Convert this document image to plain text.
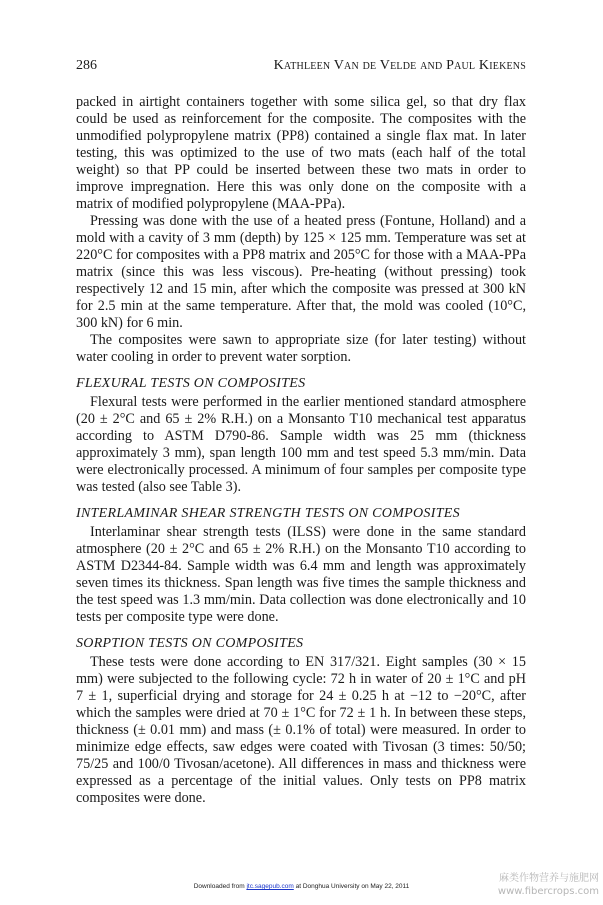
286	Kathleen Van de Velde and Paul Kiekens

packed in airtight containers together with some silica gel, so that dry flax could be used as reinforcement for the composite. The composites with the unmodified polypropylene matrix (PP8) contained a single flax mat. In later testing, this was optimized to the use of two mats (each half of the total weight) so that PP could be inserted between these two mats in order to improve impregnation. Here this was only done on the composite with a matrix of modified polypropylene (MAA-PPa).

Pressing was done with the use of a heated press (Fontune, Holland) and a mold with a cavity of 3 mm (depth) by 125 × 125 mm. Temperature was set at 220°C for composites with a PP8 matrix and 205°C for those with a MAA-PPa matrix (since this was less viscous). Pre-heating (without pressing) took respectively 12 and 15 min, after which the composite was pressed at 300 kN for 2.5 min at the same temperature. After that, the mold was cooled (10°C, 300 kN) for 6 min.

The composites were sawn to appropriate size (for later testing) without water cooling in order to prevent water sorption.

FLEXURAL TESTS ON COMPOSITES

Flexural tests were performed in the earlier mentioned standard atmosphere (20 ± 2°C and 65 ± 2% R.H.) on a Monsanto T10 mechanical test apparatus according to ASTM D790-86. Sample width was 25 mm (thickness approximately 3 mm), span length 100 mm and test speed 5.3 mm/min. Data were electronically processed. A minimum of four samples per composite type was tested (also see Table 3).

INTERLAMINAR SHEAR STRENGTH TESTS ON COMPOSITES

Interlaminar shear strength tests (ILSS) were done in the same standard atmosphere (20 ± 2°C and 65 ± 2% R.H.) on the Monsanto T10 according to ASTM D2344-84. Sample width was 6.4 mm and length was approximately seven times its thickness. Span length was five times the sample thickness and the test speed was 1.3 mm/min. Data collection was done electronically and 10 tests per composite type were done.

SORPTION TESTS ON COMPOSITES

These tests were done according to EN 317/321. Eight samples (30 × 15 mm) were subjected to the following cycle: 72 h in water of 20 ± 1°C and pH 7 ± 1, superficial drying and storage for 24 ± 0.25 h at −12 to −20°C, after which the samples were dried at 70 ± 1°C for 72 ± 1 h. In between these steps, thickness (± 0.01 mm) and mass (± 0.1% of total) were measured. In order to minimize edge effects, saw edges were coated with Tivosan (3 times: 50/50; 75/25 and 100/0 Tivosan/acetone). All differences in mass and thickness were expressed as a percentage of the initial values. Only tests on PP8 matrix composites were done.

Downloaded from jtc.sagepub.com at Donghua University on May 22, 2011
麻类作物营养与施肥网
www.fibercrops.com
